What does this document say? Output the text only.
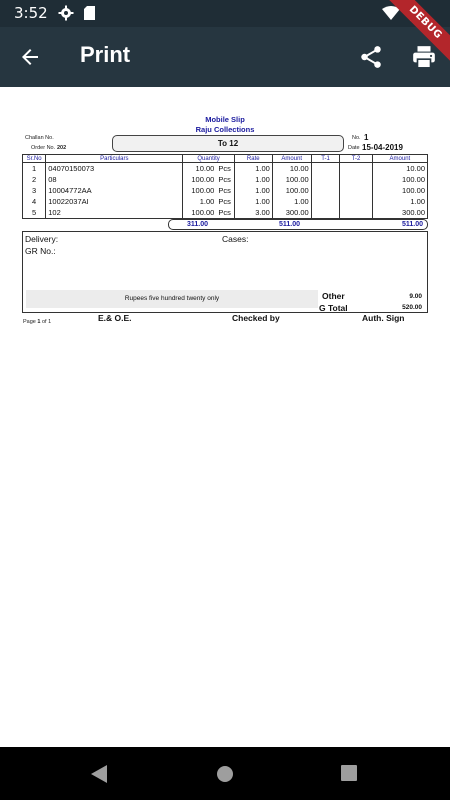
3:52
Print
DEBUG
Mobile Slip
Raju Collections
Challan No.
Order No. 202	To 12
No. 1
Date 15-04-2019
Sr.No	Particulars	Quantity		Rate	Amount	T-1	T-2	Amount
1	04070150073	10.00	Pcs	1.00	10.00			10.00
2	08	100.00	Pcs	1.00	100.00			100.00
3	10004772AA	100.00	Pcs	1.00	100.00			100.00
4	10022037AI	1.00	Pcs	1.00	1.00			1.00
5	102	100.00	Pcs	3.00	300.00			300.00
311.00	511.00	511.00
Delivery:	Cases:
GR No.:
Rupees five hundred twenty only	Other	9.00
G Total	520.00
Page 1 of 1	E.& O.E.	Checked by	Auth. Sign
